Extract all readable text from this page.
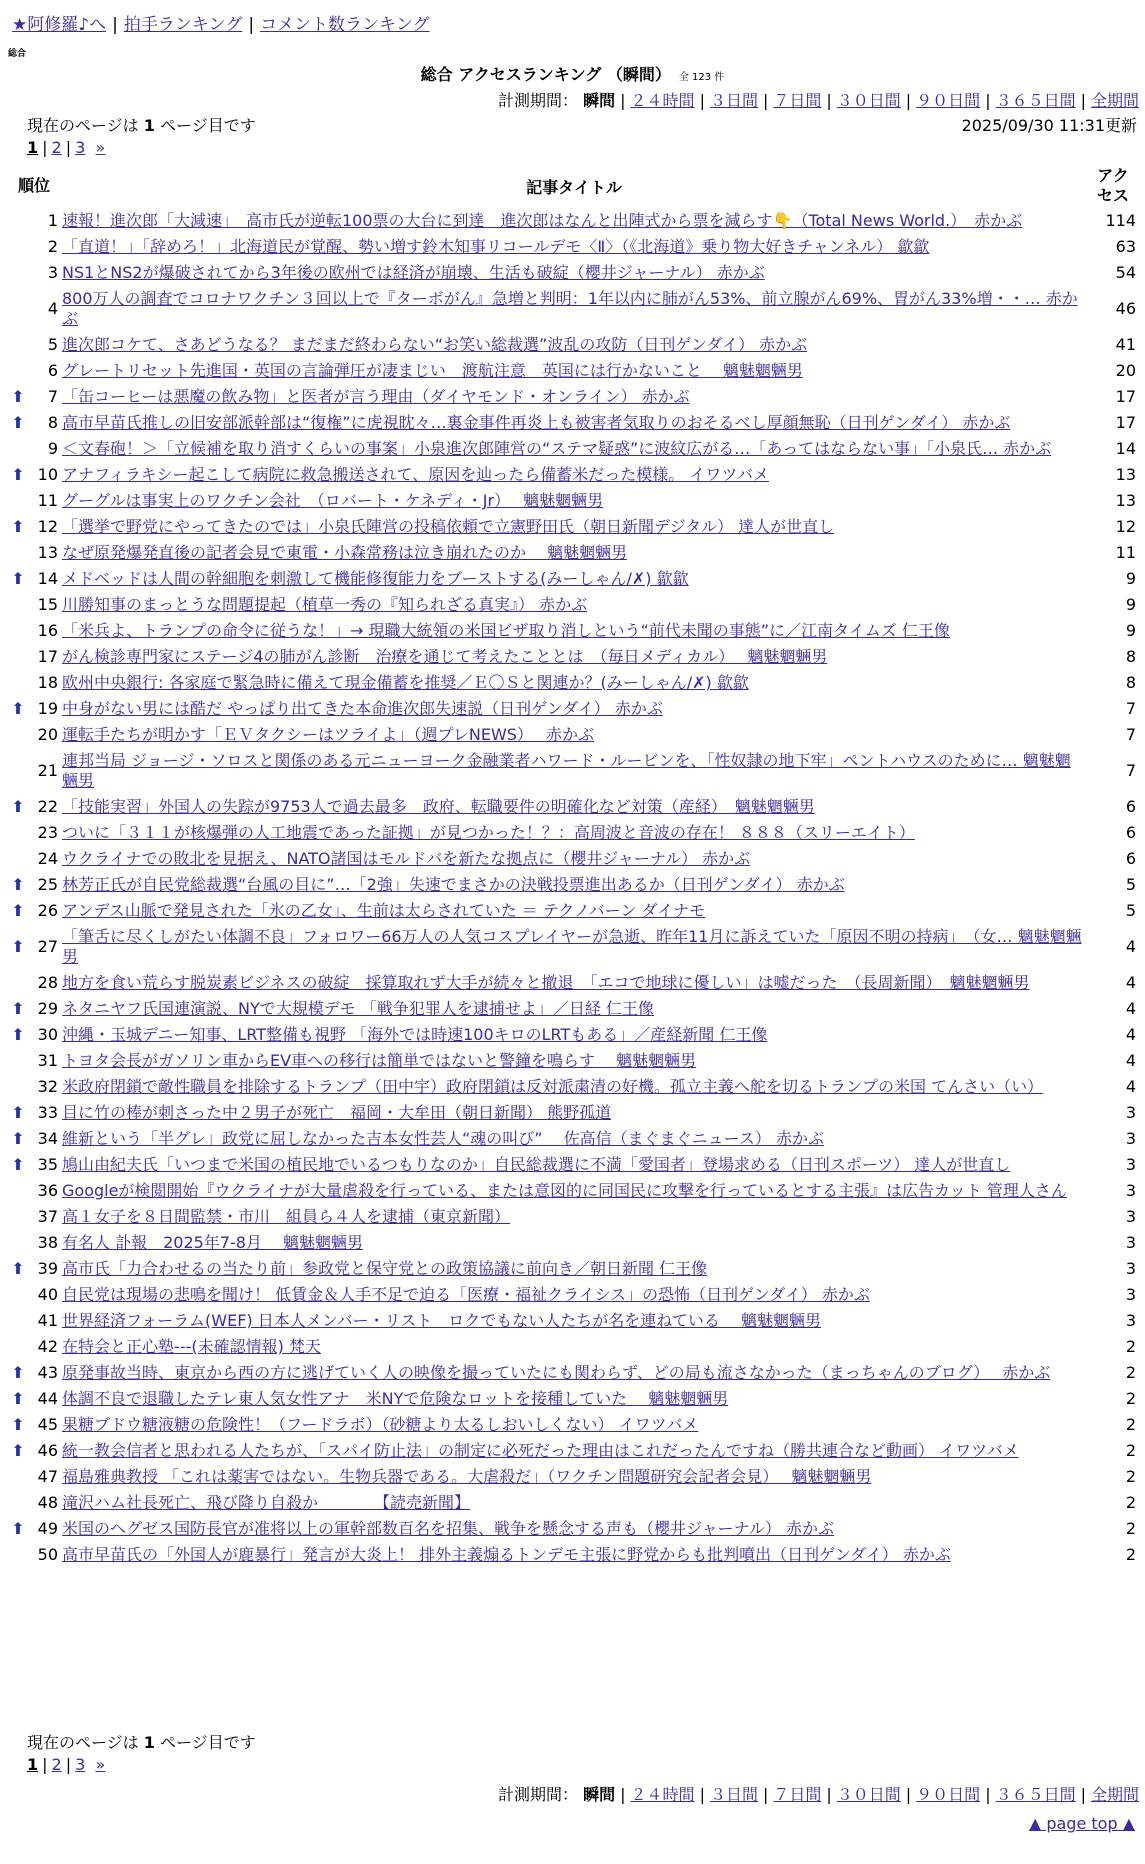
★阿修羅♪へ | 拍手ランキング | コメント数ランキング
総合
総合 アクセスランキング （瞬間） 全 123 件
計測期間： 瞬間 | ２４時間 | ３日間 | ７日間 | ３０日間 | ９０日間 | ３６５日間 | 全期間
現在のページは 1 ページ目です	2025/09/30 11:31更新
1 | 2 | 3 »
順位		記事タイトル	アクセス
	1	速報！進次郎「大減速」　高市氏が逆転100票の大台に到達　進次郎はなんと出陣式から票を減らす👇（Total News World.）　赤かぶ	114
	2	「直道！」「辞めろ！」北海道民が覚醒、勢い増す鈴木知事リコールデモ〈Ⅱ〉（《北海道》乗り物大好きチャンネル） 歙歙	63
	3	NS1とNS2が爆破されてから3年後の欧州では経済が崩壊、生活も破綻（櫻井ジャーナル） 赤かぶ	54
	4	800万人の調査でコロナワクチン３回以上で『ターボがん』急増と判明：1年以内に肺がん53%、前立腺がん69%、胃がん33%増・・… 赤かぶ	46
	5	進次郎コケて、さあどうなる？ まだまだ終わらない“お笑い総裁選”波乱の攻防（日刊ゲンダイ） 赤かぶ	41
	6	グレートリセット先進国・英国の言論弾圧が凄まじい　渡航注意　英国には行かないこと　 魑魅魍魎男	20
⬆	7	「缶コーヒーは悪魔の飲み物」と医者が言う理由（ダイヤモンド・オンライン） 赤かぶ	17
⬆	8	高市早苗氏推しの旧安部派幹部は“復権”に虎視眈々…裏金事件再炎上も被害者気取りのおそるべし厚顔無恥（日刊ゲンダイ） 赤かぶ	17
	9	＜文春砲！＞「立候補を取り消すくらいの事案」小泉進次郎陣営の“ステマ疑惑”に波紋広がる…「あってはならない事」「小泉氏… 赤かぶ	14
⬆	10	アナフィラキシー起こして病院に救急搬送されて、原因を辿ったら備蓄米だった模様。 イワツバメ	13
	11	グーグルは事実上のワクチン会社　（ロバート・ケネディ・Jr）　 魑魅魍魎男	13
⬆	12	「選挙で野党にやってきたのでは」小泉氏陣営の投稿依頼で立憲野田氏（朝日新聞デジタル） 達人が世直し	12
	13	なぜ原発爆発直後の記者会見で東電・小森常務は泣き崩れたのか　 魑魅魍魎男	11
⬆	14	メドベッドは人間の幹細胞を刺激して機能修復能力をブーストする(みーしゃん/✗) 歙歙	9
	15	川勝知事のまっとうな問題提起（植草一秀の『知られざる真実』） 赤かぶ	9
	16	「米兵よ、トランプの命令に従うな！」→ 現職大統領の米国ビザ取り消しという“前代未聞の事態”に／江南タイムズ 仁王像	9
	17	がん検診専門家にステージ4の肺がん診断　治療を通じて考えたこととは　（毎日メディカル）　 魑魅魍魎男	8
	18	欧州中央銀行: 各家庭で緊急時に備えて現金備蓄を推奨／Ｅ〇Ｓと関連か？(みーしゃん/✗) 歙歙	8
⬆	19	中身がない男には酷だ やっぱり出てきた本命進次郎失速説（日刊ゲンダイ） 赤かぶ	7
	20	運転手たちが明かす「ＥＶタクシーはツライよ」（週プレNEWS）　 赤かぶ	7
	21	連邦当局 ジョージ・ソロスと関係のある元ニューヨーク金融業者ハワード・ルービンを、「性奴隷の地下牢」ペントハウスのために… 魑魅魍魎男	7
⬆	22	「技能実習」外国人の失踪が9753人で過去最多　政府、転職要件の明確化など対策（産経）　魑魅魍魎男	6
	23	ついに「３１１が核爆弾の人工地震であった証拠」が見つかった！？：高周波と音波の存在！ ８８８（スリーエイト）	6
	24	ウクライナでの敗北を見据え、NATO諸国はモルドバを新たな拠点に（櫻井ジャーナル） 赤かぶ	6
⬆	25	林芳正氏が自民党総裁選“台風の目に”…「2強」失速でまさかの決戦投票進出あるか（日刊ゲンダイ） 赤かぶ	5
⬆	26	アンデス山脈で発見された「氷の乙女」、生前は太らされていた ＝ テクノバーン ダイナモ	5
⬆	27	「筆舌に尽くしがたい体調不良」フォロワー66万人の人気コスプレイヤーが急逝、昨年11月に訴えていた「原因不明の持病」　（女… 魑魅魍魎男	4
	28	地方を食い荒らす脱炭素ビジネスの破綻　採算取れず大手が続々と撤退　「エコで地球に優しい」は嘘だった　（長周新聞）　魑魅魍魎男	4
⬆	29	ネタニヤフ氏国連演説、NYで大規模デモ 「戦争犯罪人を逮捕せよ」／日経 仁王像	4
⬆	30	沖縄・玉城デニー知事、LRT整備も視野 「海外では時速100キロのLRTもある」／産経新聞 仁王像	4
	31	トヨタ会長がガソリン車からEV車への移行は簡単ではないと警鐘を鳴らす　 魑魅魍魎男	4
	32	米政府閉鎖で敵性職員を排除するトランプ（田中宇）政府閉鎖は反対派粛清の好機。孤立主義へ舵を切るトランプの米国 てんさい（い）	4
⬆	33	目に竹の棒が刺さった中２男子が死亡　福岡・大牟田（朝日新聞） 熊野孤道	3
⬆	34	維新という「半グレ」政党に屈しなかった吉本女性芸人“魂の叫び”　 佐高信（まぐまぐニュース） 赤かぶ	3
⬆	35	鳩山由紀夫氏「いつまで米国の植民地でいるつもりなのか」自民総裁選に不満「愛国者」登場求める（日刊スポーツ） 達人が世直し	3
	36	Googleが検閲開始『ウクライナが大量虐殺を行っている、または意図的に同国民に攻撃を行っているとする主張』は広告カット 管理人さん	3
	37	高１女子を８日間監禁・市川　組員ら４人を逮捕（東京新聞）	3
	38	有名人 訃報　2025年7-8月　 魑魅魍魎男	3
⬆	39	高市氏「力合わせるの当たり前」参政党と保守党との政策協議に前向き／朝日新聞 仁王像	3
	40	自民党は現場の悲鳴を聞け！ 低賃金＆人手不足で迫る「医療・福祉クライシス」の恐怖（日刊ゲンダイ） 赤かぶ	3
	41	世界経済フォーラム(WEF) 日本人メンバー・リスト　ロクでもない人たちが名を連ねている　 魑魅魍魎男	3
	42	在特会と正心塾---(未確認情報) 梵天	2
⬆	43	原発事故当時、東京から西の方に逃げていく人の映像を撮っていたにも関わらず、どの局も流さなかった（まっちゃんのブログ）　 赤かぶ	2
⬆	44	体調不良で退職したテレ東人気女性アナ　米NYで危険なロットを接種していた　 魑魅魍魎男	2
⬆	45	果糖ブドウ糖液糖の危険性！（フードラボ）（砂糖より太るしおいしくない） イワツバメ	2
⬆	46	統一教会信者と思われる人たちが、「スパイ防止法」の制定に必死だった理由はこれだったんですね（勝共連合など動画） イワツバメ	2
	47	福島雅典教授 「これは薬害ではない。生物兵器である。大虐殺だ」（ワクチン問題研究会記者会見）　 魑魅魍魎男	2
	48	滝沢ハム社長死亡、飛び降り自殺か　　　　【読売新聞】	2
⬆	49	米国のヘグゼス国防長官が准将以上の軍幹部数百名を招集、戦争を懸念する声も（櫻井ジャーナル） 赤かぶ	2
	50	高市早苗氏の「外国人が鹿暴行」発言が大炎上！ 排外主義煽るトンデモ主張に野党からも批判噴出（日刊ゲンダイ） 赤かぶ	2
現在のページは 1 ページ目です
1 | 2 | 3 »
計測期間： 瞬間 | ２４時間 | ３日間 | ７日間 | ３０日間 | ９０日間 | ３６５日間 | 全期間
▲ page top ▲
